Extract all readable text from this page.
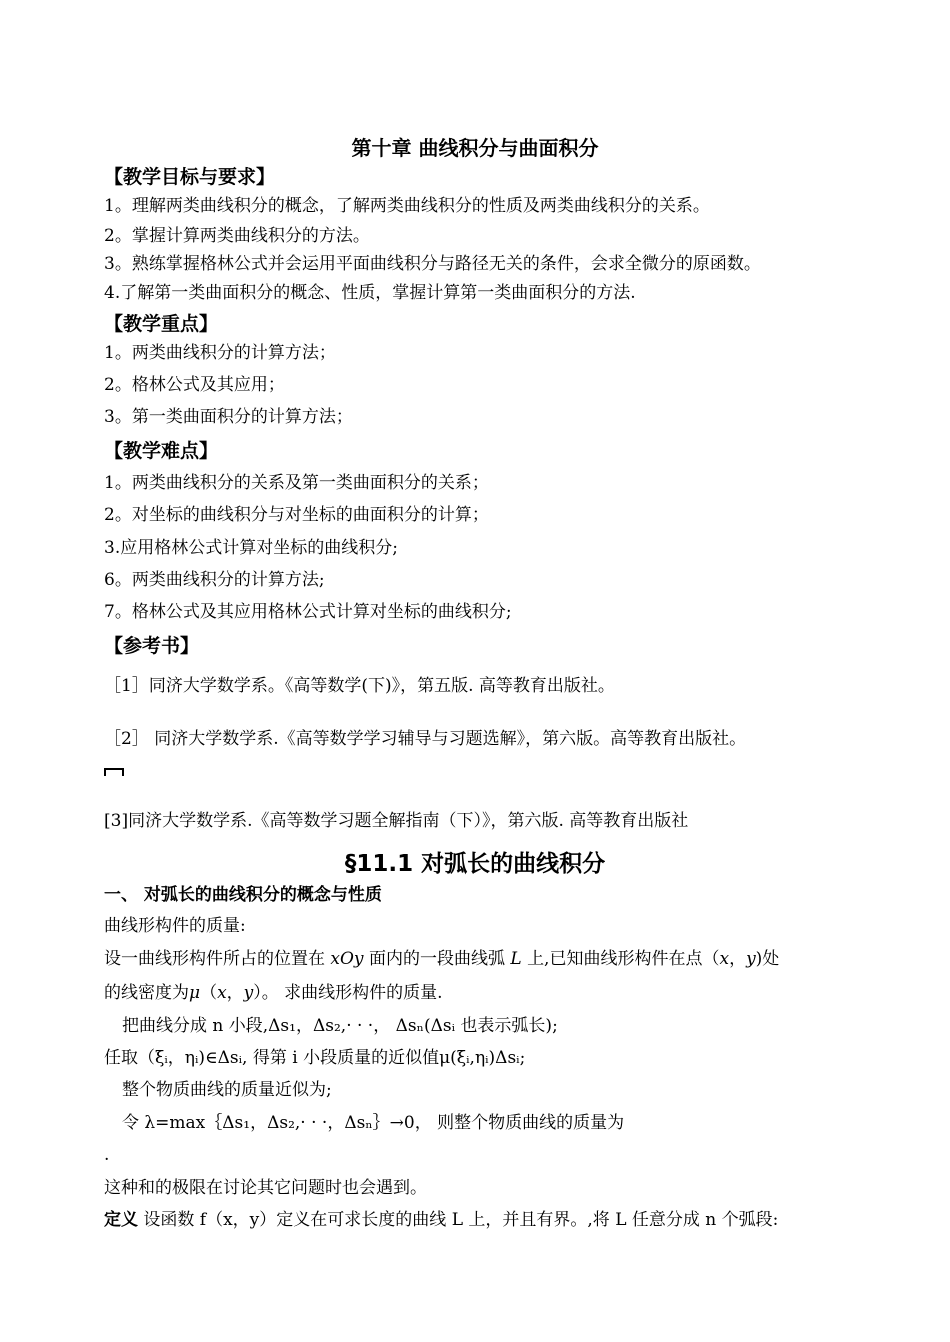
第十章 曲线积分与曲面积分
【教学目标与要求】
1。理解两类曲线积分的概念，了解两类曲线积分的性质及两类曲线积分的关系。
2。掌握计算两类曲线积分的方法。
3。熟练掌握格林公式并会运用平面曲线积分与路径无关的条件，会求全微分的原函数。
4.了解第一类曲面积分的概念、性质，掌握计算第一类曲面积分的方法.
【教学重点】
1。两类曲线积分的计算方法；
2。格林公式及其应用；
3。第一类曲面积分的计算方法；
【教学难点】
1。两类曲线积分的关系及第一类曲面积分的关系；
2。对坐标的曲线积分与对坐标的曲面积分的计算；
3.应用格林公式计算对坐标的曲线积分;
6。两类曲线积分的计算方法;
7。格林公式及其应用格林公式计算对坐标的曲线积分;
【参考书】
［1］同济大学数学系。《高等数学(下)》，第五版. 高等教育出版社。
［2］ 同济大学数学系.《高等数学学习辅导与习题选解》，第六版。高等教育出版社。
[3]同济大学数学系.《高等数学习题全解指南（下）》，第六版. 高等教育出版社
§11.1 对弧长的曲线积分
一、 对弧长的曲线积分的概念与性质
曲线形构件的质量:
设一曲线形构件所占的位置在 xOy 面内的一段曲线弧 L 上,已知曲线形构件在点（x，y)处
的线密度为μ（x，y）。 求曲线形构件的质量.
把曲线分成 n 小段,Δs₁，Δs₂,· · ·， Δsₙ(Δsᵢ 也表示弧长);
任取（ξᵢ，ηᵢ)∈Δsᵢ, 得第 i 小段质量的近似值μ(ξᵢ,ηᵢ)Δsᵢ;
整个物质曲线的质量近似为;
令 λ=max｛Δs₁，Δs₂,· · ·，Δsₙ｝→0， 则整个物质曲线的质量为
.
这种和的极限在讨论其它问题时也会遇到。
定义 设函数 f（x，y）定义在可求长度的曲线 L 上，并且有界。,将 L 任意分成 n 个弧段:
